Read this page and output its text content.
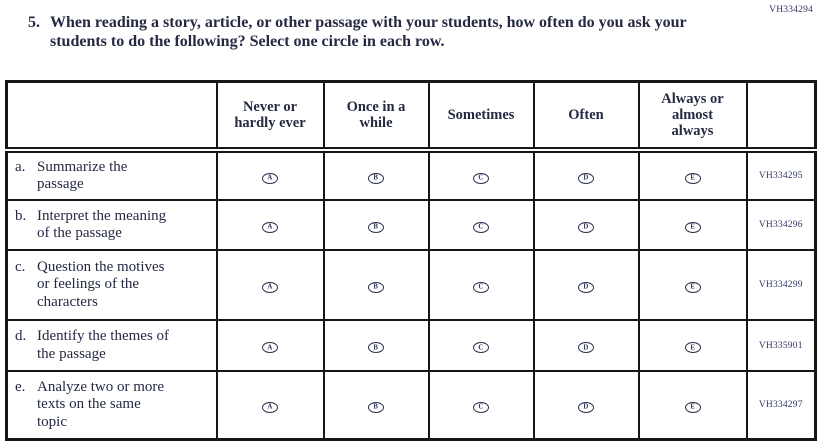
VH334294
5. When reading a story, article, or other passage with your students, how often do you ask your students to do the following? Select one circle in each row.

	Never or
hardly ever	Once in a
while	Sometimes	Often	Always or
almost
always	

a. Summarize the
passage	A	B	C	D	E	VH334295

b. Interpret the meaning
of the passage	A	B	C	D	E	VH334296

c. Question the motives
or feelings of the
characters	A	B	C	D	E	VH334299

d. Identify the themes of
the passage	A	B	C	D	E	VH335901

e. Analyze two or more
texts on the same
topic	A	B	C	D	E	VH334297
